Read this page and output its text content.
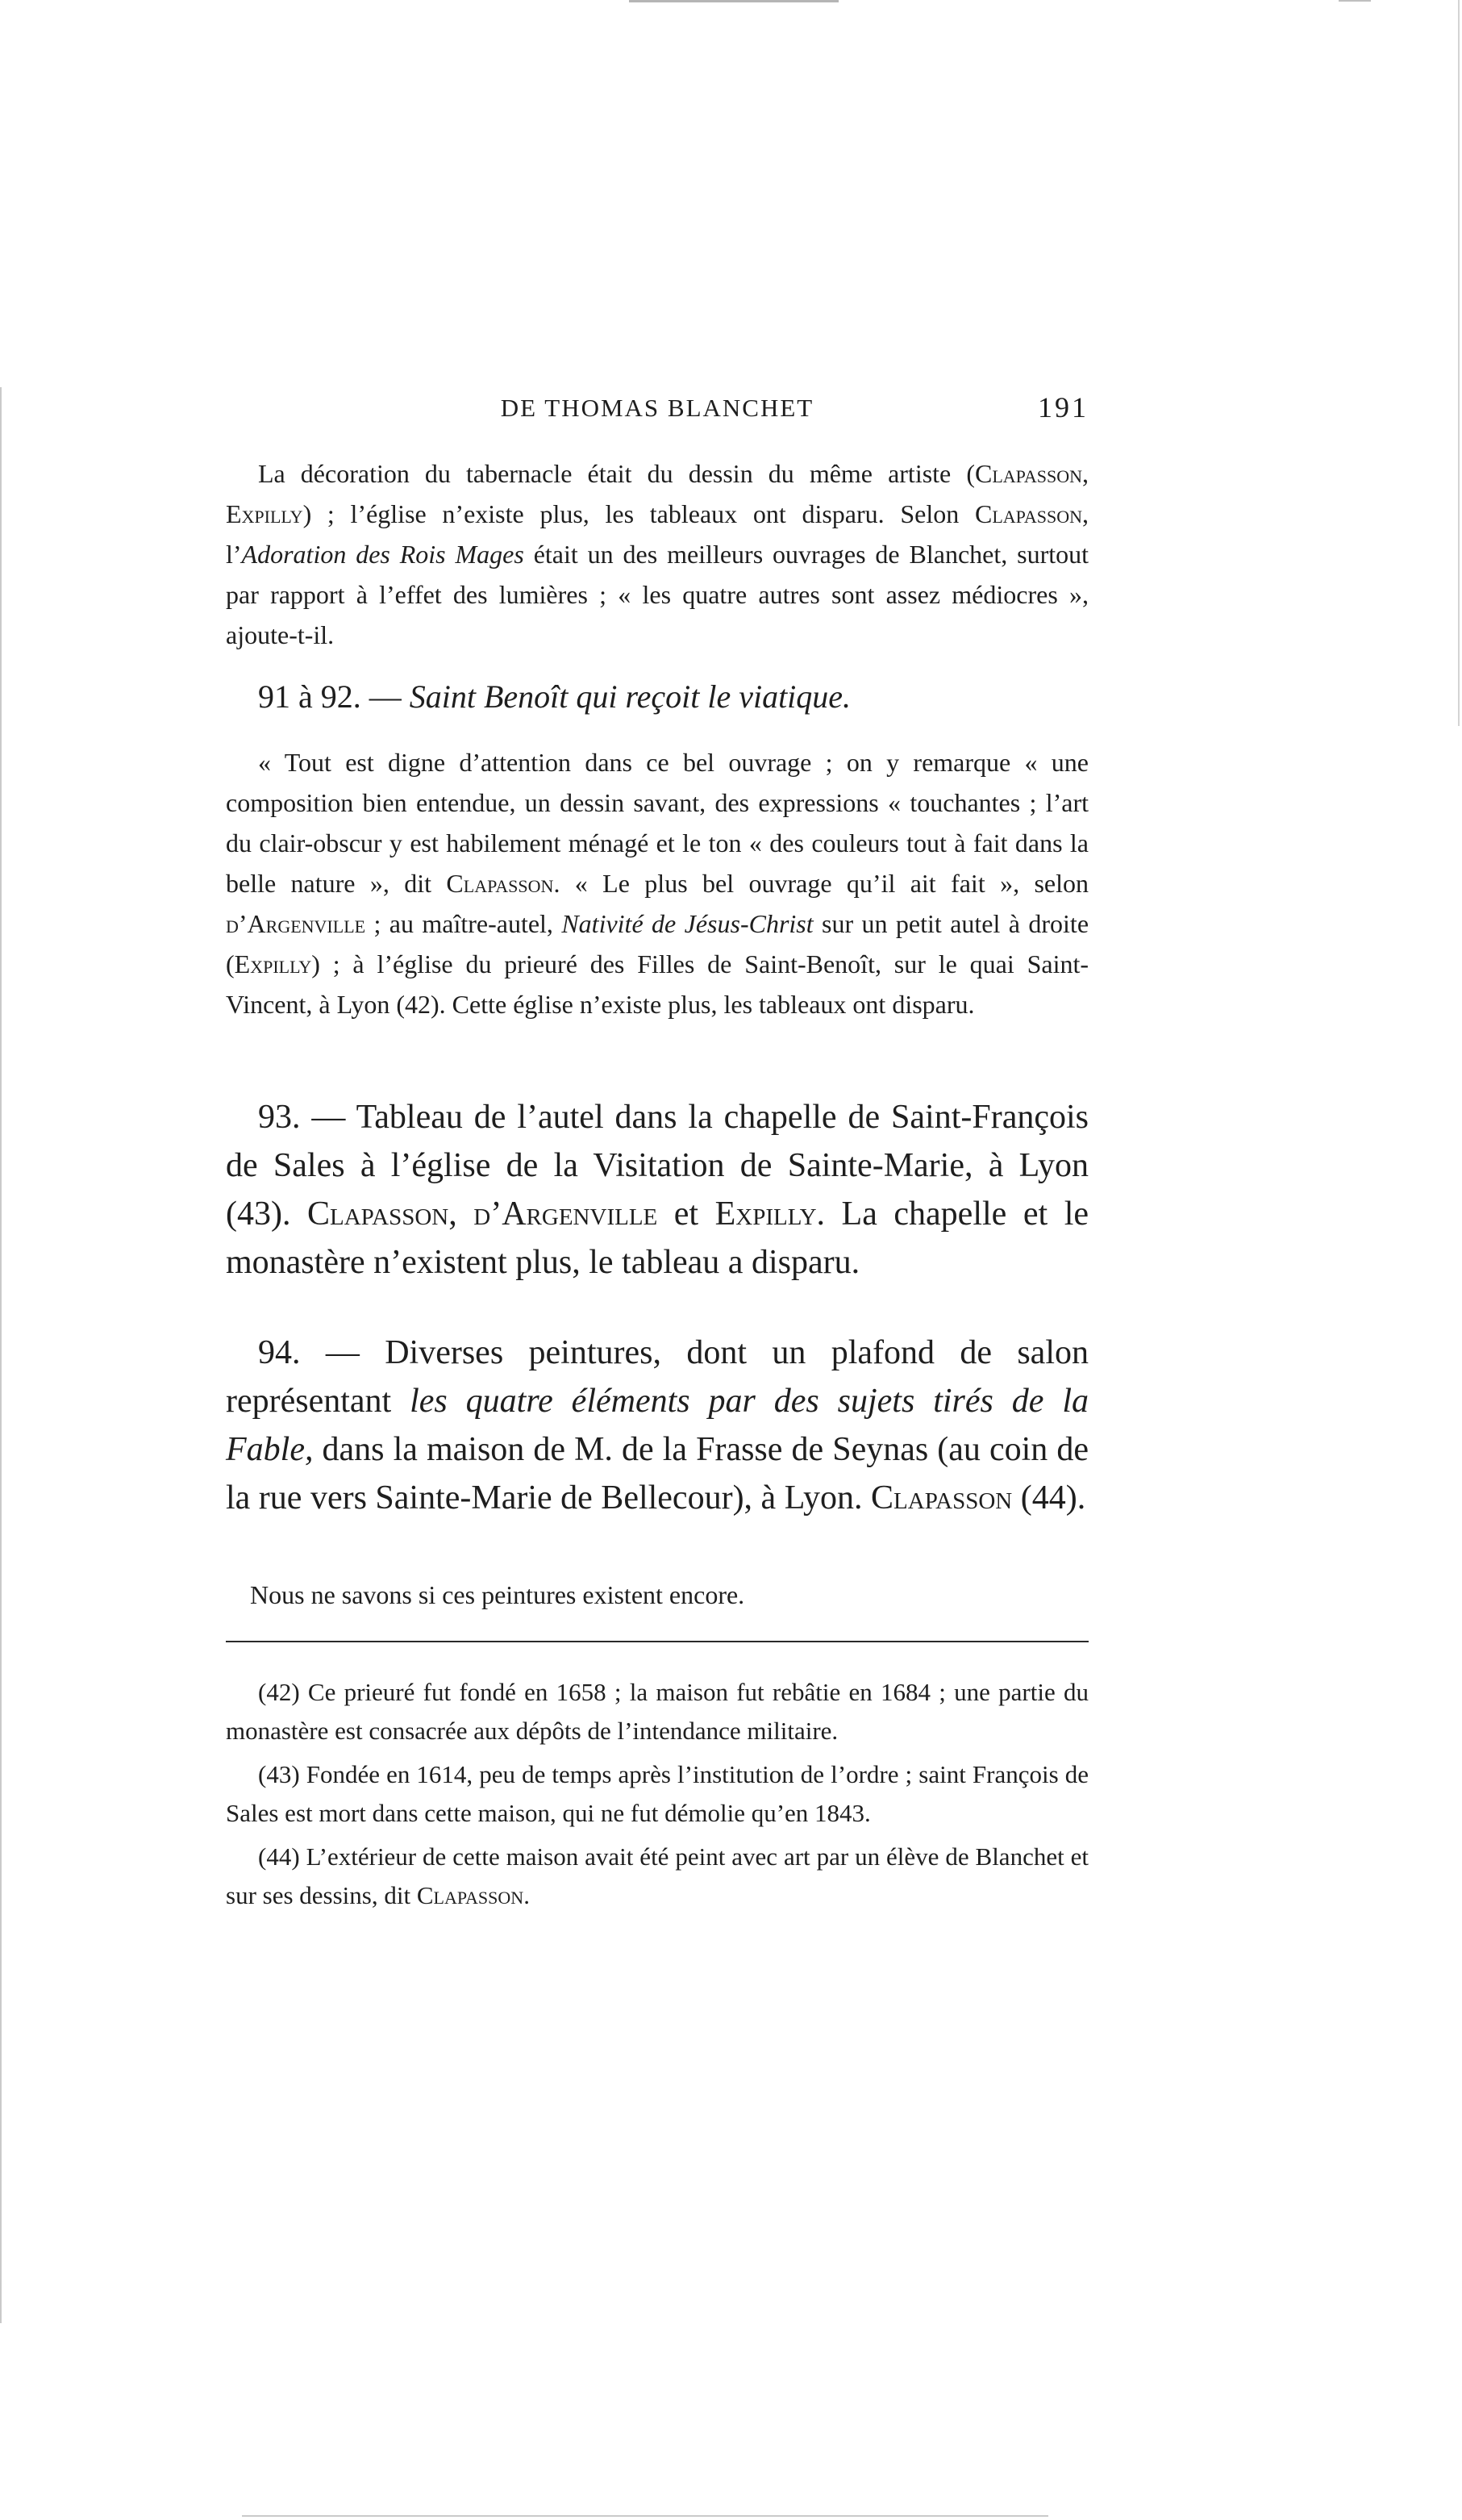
DE THOMAS BLANCHET	191

La décoration du tabernacle était du dessin du même artiste (Clapasson, Expilly) ; l’église n’existe plus, les tableaux ont disparu. Selon Clapasson, l’Adoration des Rois Mages était un des meilleurs ouvrages de Blanchet, surtout par rapport à l’effet des lumières ; « les quatre autres sont assez médiocres », ajoute-t-il.

91 à 92. — Saint Benoît qui reçoit le viatique.

« Tout est digne d’attention dans ce bel ouvrage ; on y remarque « une composition bien entendue, un dessin savant, des expressions « touchantes ; l’art du clair-obscur y est habilement ménagé et le ton « des couleurs tout à fait dans la belle nature », dit Clapasson. « Le plus bel ouvrage qu’il ait fait », selon d’Argenville ; au maître-autel, Nativité de Jésus-Christ sur un petit autel à droite (Expilly) ; à l’église du prieuré des Filles de Saint-Benoît, sur le quai Saint-Vincent, à Lyon (42). Cette église n’existe plus, les tableaux ont disparu.

93. — Tableau de l’autel dans la chapelle de Saint-François de Sales à l’église de la Visitation de Sainte-Marie, à Lyon (43). Clapasson, d’Argenville et Expilly. La chapelle et le monastère n’existent plus, le tableau a disparu.

94. — Diverses peintures, dont un plafond de salon représentant les quatre éléments par des sujets tirés de la Fable, dans la maison de M. de la Frasse de Seynas (au coin de la rue vers Sainte-Marie de Bellecour), à Lyon. Clapasson (44).

Nous ne savons si ces peintures existent encore.

(42) Ce prieuré fut fondé en 1658 ; la maison fut rebâtie en 1684 ; une partie du monastère est consacrée aux dépôts de l’intendance militaire.

(43) Fondée en 1614, peu de temps après l’institution de l’ordre ; saint François de Sales est mort dans cette maison, qui ne fut démolie qu’en 1843.

(44) L’extérieur de cette maison avait été peint avec art par un élève de Blanchet et sur ses dessins, dit Clapasson.
